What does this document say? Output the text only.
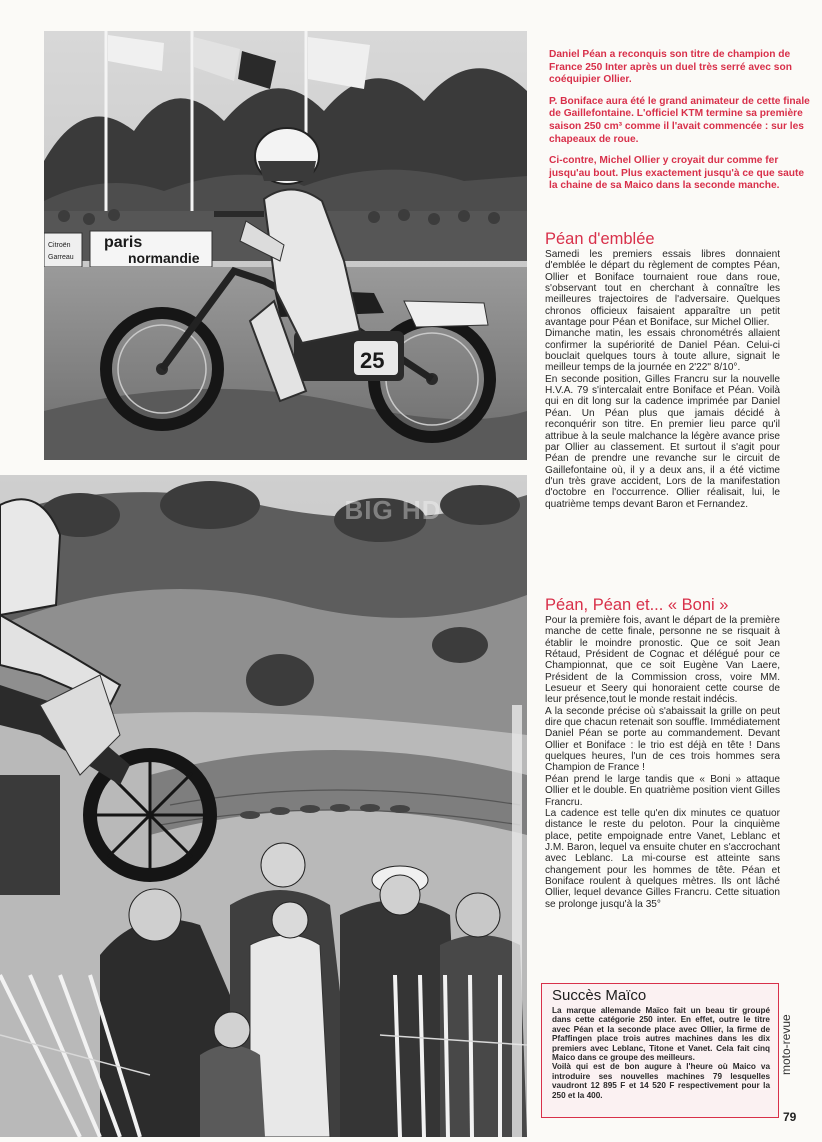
Citroën
Garreau
paris
normandie
25
BIG HD

Daniel Péan a reconquis son titre de champion de France 250 Inter après un duel très serré avec son coéquipier Ollier.

P. Boniface aura été le grand animateur de cette finale de Gaillefontaine. L'officiel KTM termine sa première saison 250 cm³ comme il l'avait commencée : sur les chapeaux de roue.

Ci-contre, Michel Ollier y croyait dur comme fer jusqu'au bout. Plus exactement jusqu'à ce que saute la chaine de sa Maico dans la seconde manche.

Péan d'emblée

Samedi les premiers essais libres donnaient d'emblée le départ du règlement de comptes Péan, Ollier et Boniface tournaient roue dans roue, s'observant tout en cherchant à connaître les meilleures trajectoires de l'adversaire. Quelques chronos officieux faisaient apparaître un petit avantage pour Péan et Boniface, sur Michel Ollier.

Dimanche matin, les essais chronométrés allaient confirmer la supériorité de Daniel Péan. Celui-ci bouclait quelques tours à toute allure, signait le meilleur temps de la journée en 2'22" 8/10°.

En seconde position, Gilles Francru sur la nouvelle H.V.A. 79 s'intercalait entre Boniface et Péan. Voilà qui en dit long sur la cadence imprimée par Daniel Péan. Un Péan plus que jamais décidé à reconquérir son titre. En premier lieu parce qu'il attribue à la seule malchance la légère avance prise par Ollier au classement. Et surtout il s'agit pour Péan de prendre une revanche sur le circuit de Gaillefontaine où, il y a deux ans, il a été victime d'un très grave accident, Lors de la manifestation d'octobre en l'occurrence. Ollier réalisait, lui, le quatrième temps devant Baron et Fernandez.

Péan, Péan et... « Boni »

Pour la première fois, avant le départ de la première manche de cette finale, personne ne se risquait à établir le moindre pronostic. Que ce soit Jean Rétaud, Président de Cognac et délégué pour ce Championnat, que ce soit Eugène Van Laere, Président de la Commission cross, voire MM. Lesueur et Seery qui honoraient cette course de leur présence,tout le monde restait indécis.

A la seconde précise où s'abaissait la grille on peut dire que chacun retenait son souffle. Immédiatement Daniel Péan se porte au commandement. Devant Ollier et Boniface : le trio est déjà en tête ! Dans quelques heures, l'un de ces trois hommes sera Champion de France !

Péan prend le large tandis que « Boni » attaque Ollier et le double. En quatrième position vient Gilles Francru.

La cadence est telle qu'en dix minutes ce quatuor distance le reste du peloton. Pour la cinquième place, petite empoignade entre Vanet, Leblanc et J.M. Baron, lequel va ensuite chuter en s'accrochant avec Leblanc. La mi-course est atteinte sans changement pour les hommes de tête. Péan et Boniface roulent à quelques mètres. Ils ont lâché Ollier, lequel devance Gilles Francru. Cette situation se prolonge jusqu'à la 35°

Succès Maïco

La marque allemande Maïco fait un beau tir groupé dans cette catégorie 250 inter. En effet, outre le titre avec Péan et la seconde place avec Ollier, la firme de Pfaffingen place trois autres machines dans les dix premiers avec Leblanc, Titone et Vanet. Cela fait cinq Maico dans ce groupe des meilleurs.

Voilà qui est de bon augure à l'heure où Maico va introduire ses nouvelles machines 79 lesquelles vaudront 12 895 F et 14 520 F respectivement pour la 250 et la 400.

moto-revue
79
